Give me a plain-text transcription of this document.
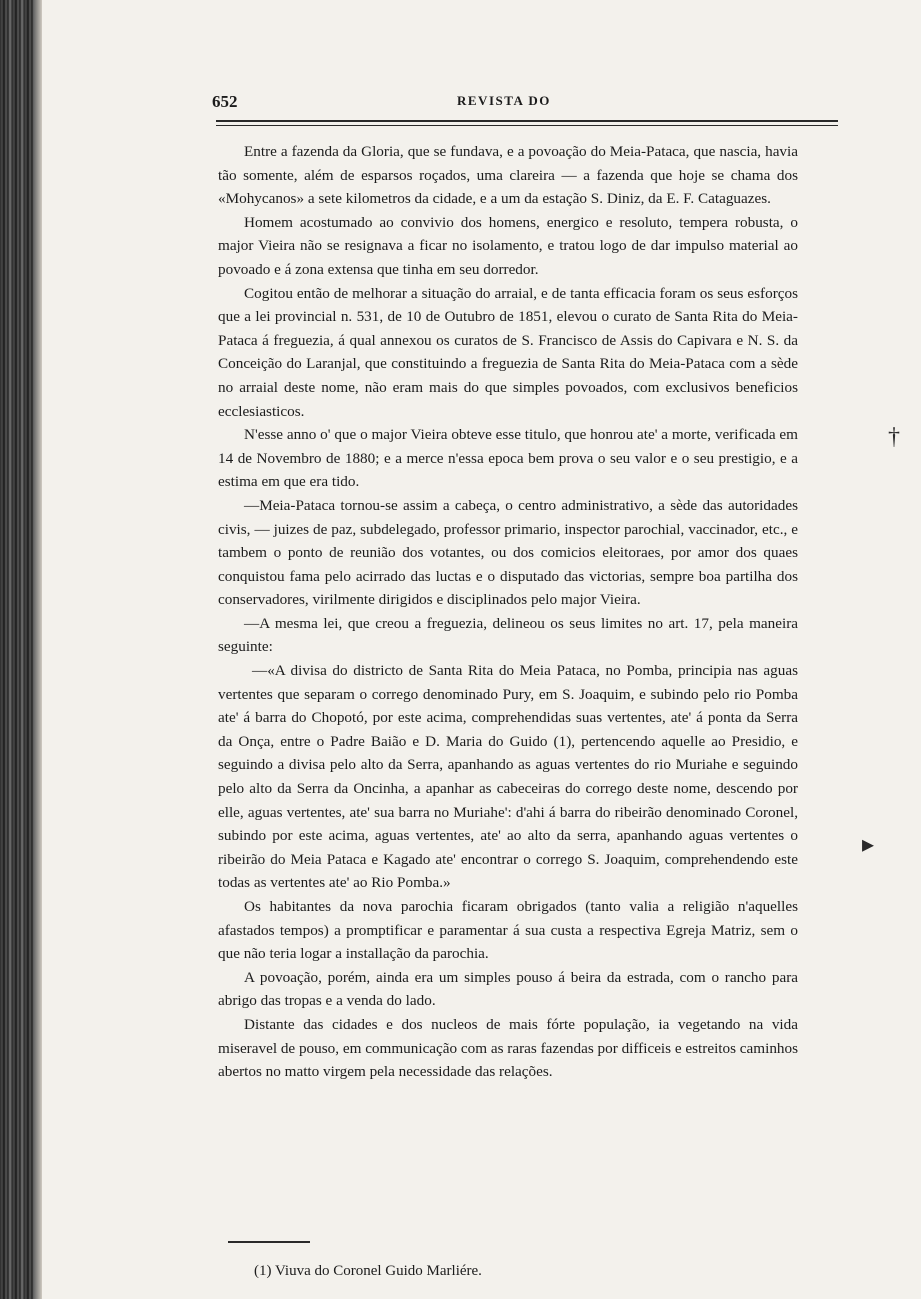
652	REVISTA DO

Entre a fazenda da Gloria, que se fundava, e a povoação do Meia-Pataca, que nascia, havia tão somente, além de esparsos roçados, uma clareira — a fazenda que hoje se chama dos «Mohycanos» a sete kilometros da cidade, e a um da estação S. Diniz, da E. F. Cataguazes.

Homem acostumado ao convivio dos homens, energico e resoluto, tempera robusta, o major Vieira não se resignava a ficar no isolamento, e tratou logo de dar impulso material ao povoado e á zona extensa que tinha em seu dorredor.

Cogitou então de melhorar a situação do arraial, e de tanta efficacia foram os seus esforços que a lei provincial n. 531, de 10 de Outubro de 1851, elevou o curato de Santa Rita do Meia-Pataca á freguezia, á qual annexou os curatos de S. Francisco de Assis do Capivara e N. S. da Conceição do Laranjal, que constituindo a freguezia de Santa Rita do Meia-Pataca com a sède no arraial deste nome, não eram mais do que simples povoados, com exclusivos beneficios ecclesiasticos.

N'esse anno o' que o major Vieira obteve esse titulo, que honrou ate' a morte, verificada em 14 de Novembro de 1880; e a merce n'essa epoca bem prova o seu valor e o seu prestigio, e a estima em que era tido.

—Meia-Pataca tornou-se assim a cabeça, o centro administrativo, a sède das autoridades civis, — juizes de paz, subdelegado, professor primario, inspector parochial, vaccinador, etc., e tambem o ponto de reunião dos votantes, ou dos comicios eleitoraes, por amor dos quaes conquistou fama pelo acirrado das luctas e o disputado das victorias, sempre boa partilha dos conservadores, virilmente dirigidos e disciplinados pelo major Vieira.

—A mesma lei, que creou a freguezia, delineou os seus limites no art. 17, pela maneira seguinte:

—«A divisa do districto de Santa Rita do Meia Pataca, no Pomba, principia nas aguas vertentes que separam o corrego denominado Pury, em S. Joaquim, e subindo pelo rio Pomba ate' á barra do Chopotó, por este acima, comprehendidas suas vertentes, ate' á ponta da Serra da Onça, entre o Padre Baião e D. Maria do Guido (1), pertencendo aquelle ao Presidio, e seguindo a divisa pelo alto da Serra, apanhando as aguas vertentes do rio Muriahe e seguindo pelo alto da Serra da Oncinha, a apanhar as cabeceiras do corrego deste nome, descendo por elle, aguas vertentes, ate' sua barra no Muriahe': d'ahi á barra do ribeirão denominado Coronel, subindo por este acima, aguas vertentes, ate' ao alto da serra, apanhando aguas vertentes o ribeirão do Meia Pataca e Kagado ate' encontrar o corrego S. Joaquim, comprehendendo este todas as vertentes ate' ao Rio Pomba.»

Os habitantes da nova parochia ficaram obrigados (tanto valia a religião n'aquelles afastados tempos) a promptificar e paramentar á sua custa a respectiva Egreja Matriz, sem o que não teria logar a installação da parochia.

A povoação, porém, ainda era um simples pouso á beira da estrada, com o rancho para abrigo das tropas e a venda do lado.

Distante das cidades e dos nucleos de mais fórte população, ia vegetando na vida miseravel de pouso, em communicação com as raras fazendas por difficeis e estreitos caminhos abertos no matto virgem pela necessidade das relações.

(1) Viuva do Coronel Guido Marliére.
†
▸
